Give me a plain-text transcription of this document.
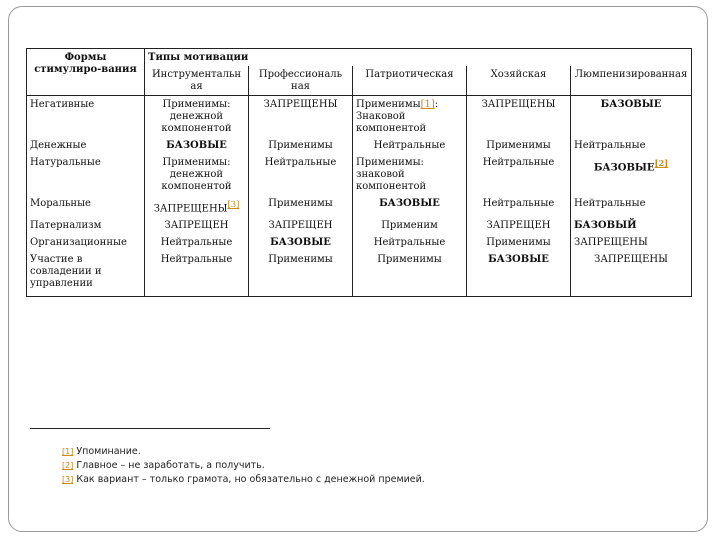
Формы стимулиро-вания	Типы мотивации				
	Инструментальн ая	Профессиональ ная	Патриотическая	Хозяйская	Люмпенизированная
Негативные	Применимы: денежной компонентой	ЗАПРЕЩЕНЫ	Применимы[1]: Знаковой компонентой	ЗАПРЕЩЕНЫ	БАЗОВЫЕ
Денежные	БАЗОВЫЕ	Применимы	Нейтральные	Применимы	Нейтральные
Натуральные	Применимы: денежной компонентой	Нейтральные	Применимы: знаковой компонентой	Нейтральные	БАЗОВЫЕ[2]
Моральные	ЗАПРЕЩЕНЫ[3]	Применимы	БАЗОВЫЕ	Нейтральные	Нейтральные
Патернализм	ЗАПРЕЩЕН	ЗАПРЕЩЕН	Применим	ЗАПРЕЩЕН	БАЗОВЫЙ
Организационные	Нейтральные	БАЗОВЫЕ	Нейтральные	Применимы	ЗАПРЕЩЕНЫ
Участие в совладении и управлении	Нейтральные	Применимы	Применимы	БАЗОВЫЕ	ЗАПРЕЩЕНЫ
[1] Упоминание.
[2] Главное – не заработать, а получить.
[3] Как вариант – только грамота, но обязательно с денежной премией.
